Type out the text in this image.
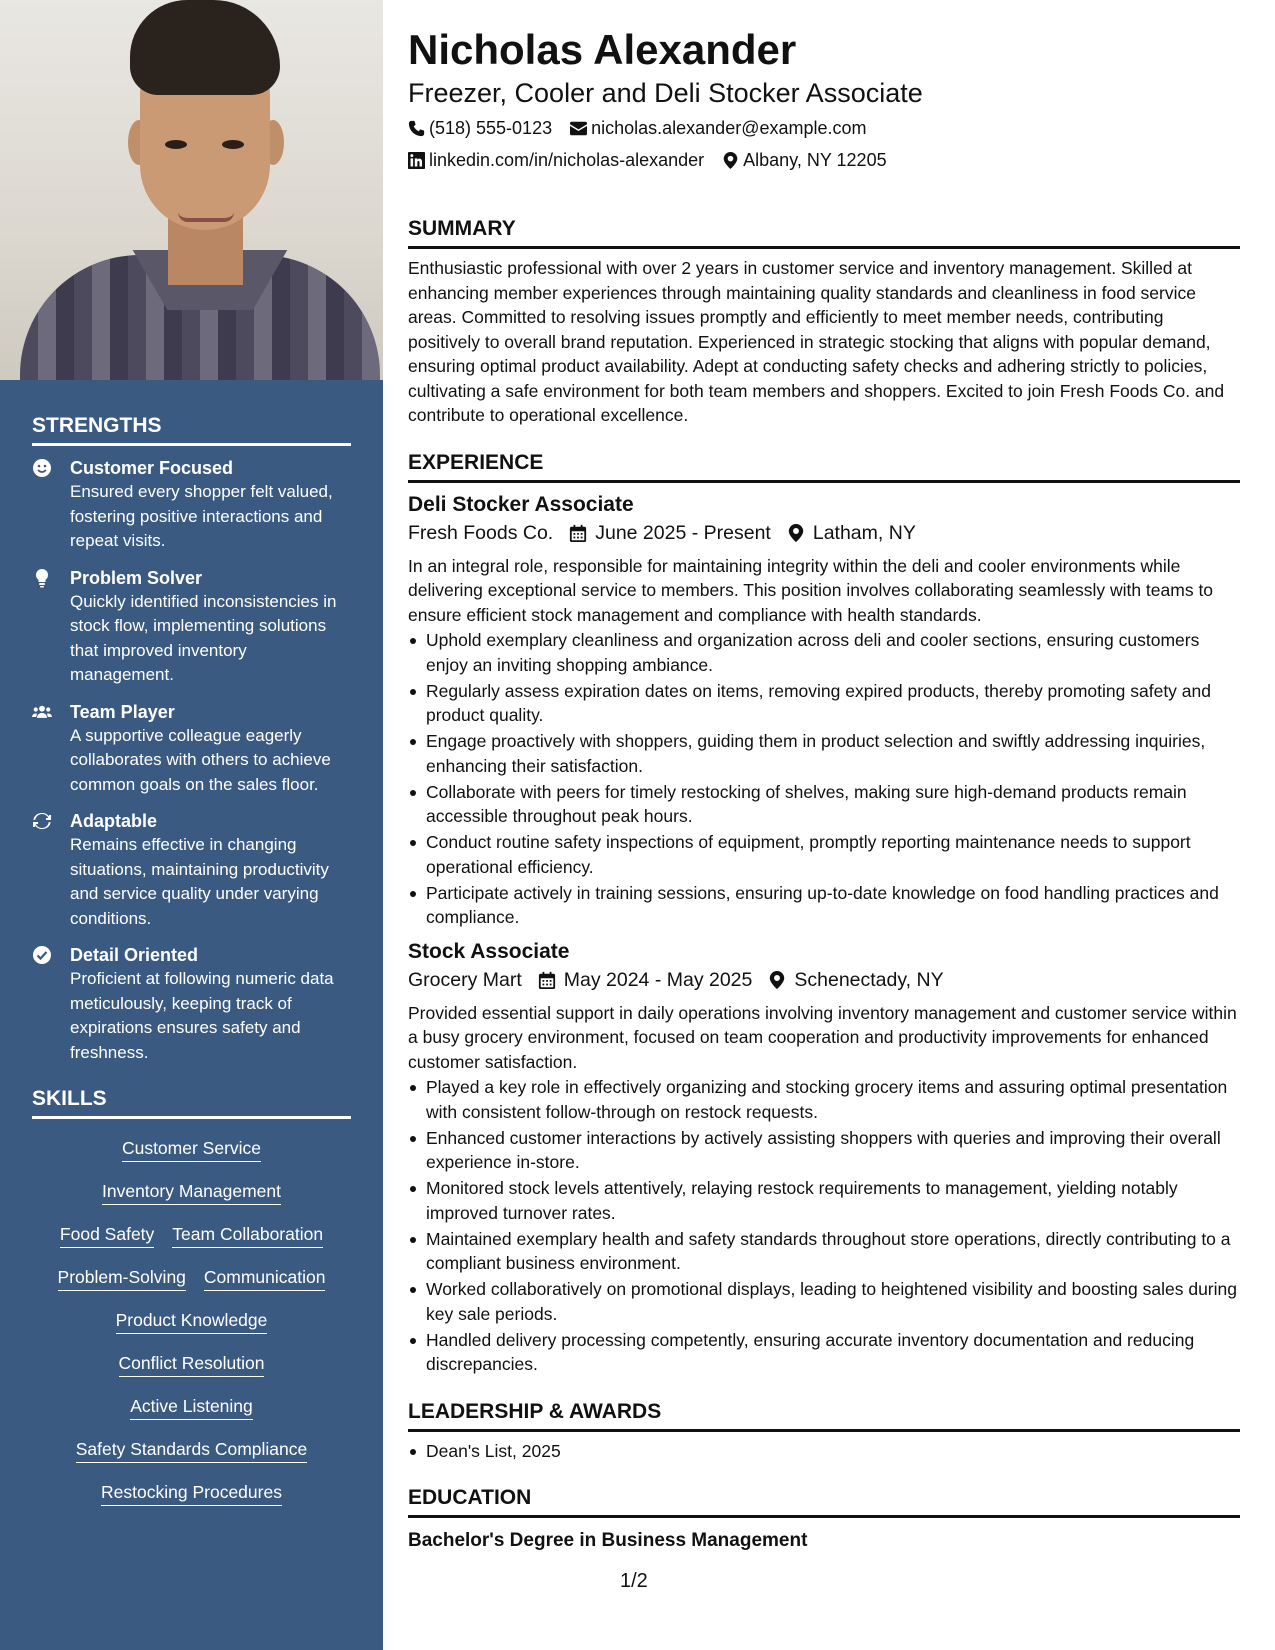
STRENGTHS
Customer Focused
Ensured every shopper felt valued, fostering positive interactions and repeat visits.
Problem Solver
Quickly identified inconsistencies in stock flow, implementing solutions that improved inventory management.
Team Player
A supportive colleague eagerly collaborates with others to achieve common goals on the sales floor.
Adaptable
Remains effective in changing situations, maintaining productivity and service quality under varying conditions.
Detail Oriented
Proficient at following numeric data meticulously, keeping track of expirations ensures safety and freshness.
SKILLS
Customer Service
Inventory Management
Food Safety Team Collaboration
Problem-Solving Communication
Product Knowledge
Conflict Resolution
Active Listening
Safety Standards Compliance
Restocking Procedures
Nicholas Alexander
Freezer, Cooler and Deli Stocker Associate
(518) 555-0123 nicholas.alexander@example.com
linkedin.com/in/nicholas-alexander Albany, NY 12205
SUMMARY
Enthusiastic professional with over 2 years in customer service and inventory management. Skilled at enhancing member experiences through maintaining quality standards and cleanliness in food service areas. Committed to resolving issues promptly and efficiently to meet member needs, contributing positively to overall brand reputation. Experienced in strategic stocking that aligns with popular demand, ensuring optimal product availability. Adept at conducting safety checks and adhering strictly to policies, cultivating a safe environment for both team members and shoppers. Excited to join Fresh Foods Co. and contribute to operational excellence.
EXPERIENCE
Deli Stocker Associate
Fresh Foods Co. June 2025 - Present Latham, NY
In an integral role, responsible for maintaining integrity within the deli and cooler environments while delivering exceptional service to members. This position involves collaborating seamlessly with teams to ensure efficient stock management and compliance with health standards.
Uphold exemplary cleanliness and organization across deli and cooler sections, ensuring customers enjoy an inviting shopping ambiance.
Regularly assess expiration dates on items, removing expired products, thereby promoting safety and product quality.
Engage proactively with shoppers, guiding them in product selection and swiftly addressing inquiries, enhancing their satisfaction.
Collaborate with peers for timely restocking of shelves, making sure high-demand products remain accessible throughout peak hours.
Conduct routine safety inspections of equipment, promptly reporting maintenance needs to support operational efficiency.
Participate actively in training sessions, ensuring up-to-date knowledge on food handling practices and compliance.
Stock Associate
Grocery Mart May 2024 - May 2025 Schenectady, NY
Provided essential support in daily operations involving inventory management and customer service within a busy grocery environment, focused on team cooperation and productivity improvements for enhanced customer satisfaction.
Played a key role in effectively organizing and stocking grocery items and assuring optimal presentation with consistent follow-through on restock requests.
Enhanced customer interactions by actively assisting shoppers with queries and improving their overall experience in-store.
Monitored stock levels attentively, relaying restock requirements to management, yielding notably improved turnover rates.
Maintained exemplary health and safety standards throughout store operations, directly contributing to a compliant business environment.
Worked collaboratively on promotional displays, leading to heightened visibility and boosting sales during key sale periods.
Handled delivery processing competently, ensuring accurate inventory documentation and reducing discrepancies.
LEADERSHIP & AWARDS
Dean's List, 2025
EDUCATION
Bachelor's Degree in Business Management
1/2
